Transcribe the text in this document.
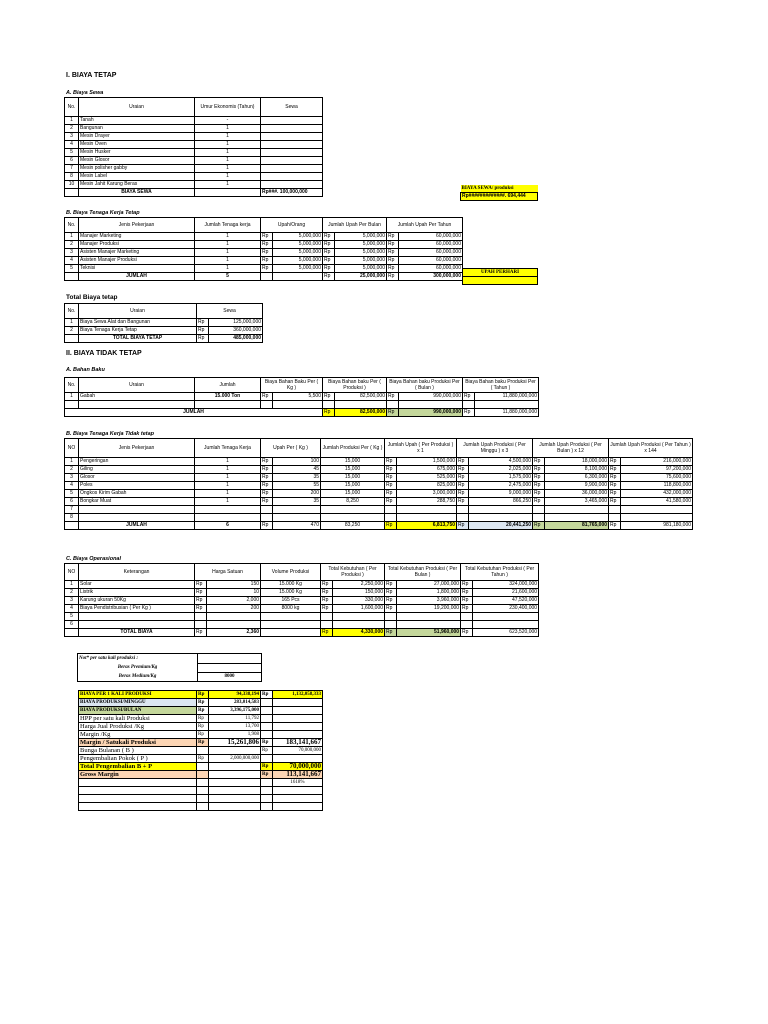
I. BIAYA TETAP
A. Biaya Sewa
No.	Uraian	Umur Ekonomis (Tahun)	Sewa
1	Tanah	-	
2	Bangunan	1	
3	Mesin Drayer	1	
4	Mesin Oven	1	
5	Mesin Husker	1	
6	Mesin Glosor	1	
7	Mesin polisher gabby	1	
8	Mesin Label	1	
10	Mesin Jahit Karung Beras	1	
	BIAYA SEWA		Rp###. 100,000,000
BIAYA SEWA/ produksi
Rp#############. 694,444
B. Biaya Tenaga Kerja Tetap
No.	Jenis Pekerjaan	Jumlah Tenaga kerja	Upah/Orang		Jumlah Upah Per Bulan		Jumlah Upah Per Tahun	
1	Manajer Marketing	1	Rp	5,000,000	Rp	5,000,000	Rp	60,000,000
2	Manajer Produksi	1	Rp	5,000,000	Rp	5,000,000	Rp	60,000,000
3	Asisten Manajer Marketing	1	Rp	5,000,000	Rp	5,000,000	Rp	60,000,000
4	Asisten Manajer Produksi	1	Rp	5,000,000	Rp	5,000,000	Rp	60,000,000
5	Teknisi	1	Rp	5,000,000	Rp	5,000,000	Rp	60,000,000
	JUMLAH	5			Rp	25,000,000	Rp	300,000,000
UPAH PERHARI

Total Biaya tetap
No.	Uraian	Sewa	
1	Biaya Sewa Alat dan Bangunan	Rp	125,000,000
2	Biaya Tenaga Kerja Tetap	Rp	360,000,000
	TOTAL BIAYA TETAP	Rp	485,000,000
II. BIAYA TIDAK TETAP
A. Bahan Baku
No.	Uraian	Jumlah	Biaya Bahan Baku Per ( Kg )		Biaya Bahan baku Per ( Produksi )		Biaya Bahan baku Produksi Per ( Bulan )		Biaya Bahan baku Produksi Per ( Tahun )	
1	Gabah	15.000 Ton	Rp	5,500	Rp	82,500,000	Rp	990,000,000	Rp	11,880,000,000

JUMLAH					Rp	82,500,000	Rp	990,000,000	Rp	11,880,000,000
B. Biaya Tenaga Kerja Tidak tetap
NO	Jenis Pekerjaan	Jumlah Tenaga Kerja	Upah Per ( Kg )		Jumlah Produksi Per ( Kg )	Jumlah Upah ( Per Produksi ) x 1		Jumlah Upah Produksi ( Per Minggu ) x 3		Jumlah Upah Produksi ( Per Bulan ) x 12		Jumlah Upah Produksi ( Per Tahun ) x 144	
1	Pengeringan	1	Rp	100	15,000	Rp	1,500,000	Rp	4,500,000	Rp	18,000,000	Rp	216,000,000
2	Giling	1	Rp	45	15,000	Rp	675,000	Rp	2,025,000	Rp	8,100,000	Rp	97,200,000
3	Glosor	1	Rp	35	15,000	Rp	525,000	Rp	1,575,000	Rp	6,300,000	Rp	75,600,000
4	Poles	1	Rp	55	15,000	Rp	825,000	Rp	2,475,000	Rp	9,900,000	Rp	118,800,000
5	Ongkos Kirim Gabah	1	Rp	200	15,000	Rp	3,000,000	Rp	9,000,000	Rp	36,000,000	Rp	432,000,000
6	Bongkar Muat	1	Rp	35	8,250	Rp	288,750	Rp	866,250	Rp	3,465,000	Rp	41,580,000
7													
8													
	JUMLAH	6	Rp	470	83,250	Rp	6,813,750	Rp	20,441,250	Rp	81,765,000	Rp	981,180,000
C. Biaya Operasional
NO	Keterangan	Harga Satuan		Volume Produksi	Total Kebutuhan ( Per Produksi )		Total Kebutuhan Produksi ( Per Bulan )		Total Kebutuhan Produksi ( Per Tahun )	
1	Solar	Rp	150	15.000 Kg	Rp	2,250,000	Rp	27,000,000	Rp	324,000,000
2	Listrik	Rp	10	15.000 Kg	Rp	150,000	Rp	1,800,000	Rp	21,600,000
3	Karung ukuran 50Kg	Rp	2,000	165 Pcs	Rp	330,000	Rp	3,960,000	Rp	47,520,000
4	Biaya Pendistribusian ( Per Kg )	Rp	200	8000 kg	Rp	1,600,000	Rp	19,200,000	Rp	230,400,000
5										
6										
	TOTAL BIAYA	Rp	2,360		Rp	4,330,000	Rp	51,960,000	Rp	623,520,000
Not* per satu kali produksi :	
Beras Premium/Kg	
Beras Medium/Kg	8000
BIAYA PER 1 KALI PRODUKSI	Rp	94,338,194	Rp	1,132,058,333
BIAYA PRODUKSI/MINGGU	Rp	283,014,583		
BIAYA PRODUKSI/BULAN	Rp	3,396,175,000		
HPP per satu kali Produksi	Rp	11,792		
Harga Jual Produksi /Kg	Rp	13,700		
Margin /Kg	Rp	1,908		
Margin / Satukali Produksi	Rp	15,261,806	Rp	183,141,667
Bunga Bulanan ( B )			Rp	70,000,000
Pengembalian Pokok ( P )	Rp	2,000,000,000		
Total Pengembalian B + P			Rp	70,000,000
Gross Margin			Rp	113,141,667
				1618%
